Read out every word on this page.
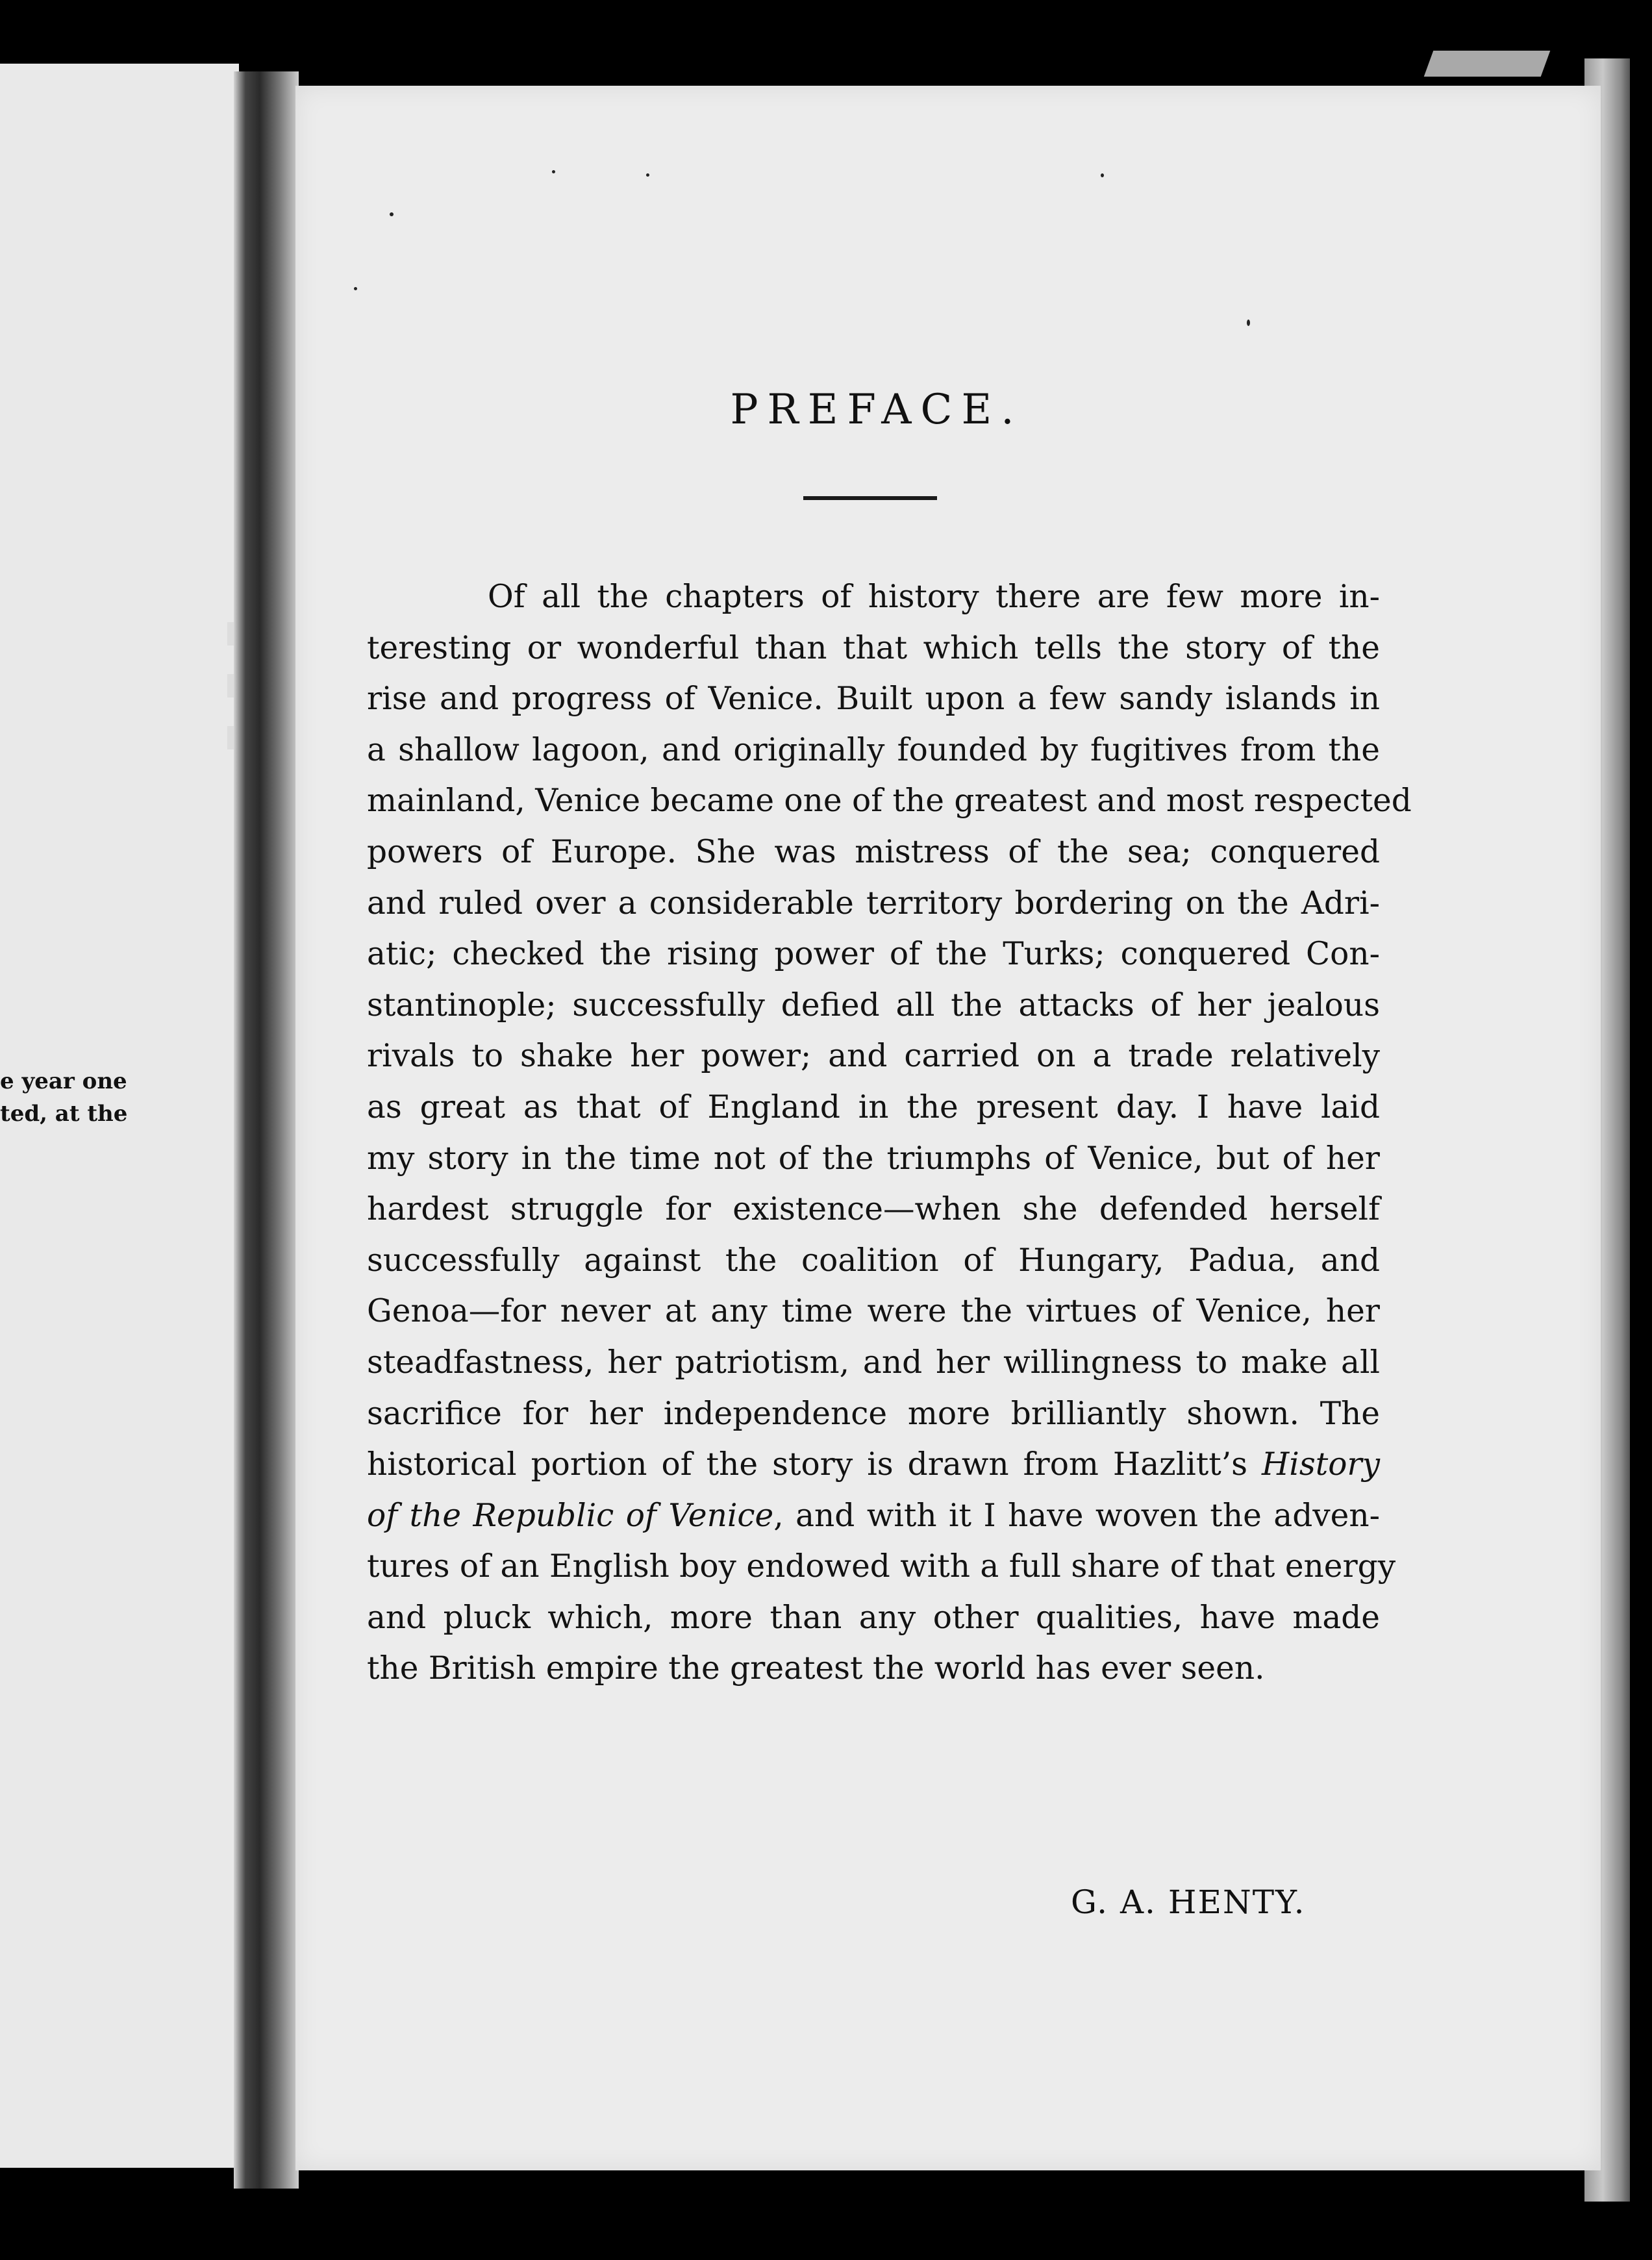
e year one
ted, at the
PREFACE.
Of all the chapters of history there are few more in-
teresting or wonderful than that which tells the story of the
rise and progress of Venice. Built upon a few sandy islands in
a shallow lagoon, and originally founded by fugitives from the
mainland, Venice became one of the greatest and most respected
powers of Europe. She was mistress of the sea; conquered
and ruled over a considerable territory bordering on the Adri-
atic; checked the rising power of the Turks; conquered Con-
stantinople; successfully defied all the attacks of her jealous
rivals to shake her power; and carried on a trade relatively
as great as that of England in the present day. I have laid
my story in the time not of the triumphs of Venice, but of her
hardest struggle for existence—when she defended herself
successfully against the coalition of Hungary, Padua, and
Genoa—for never at any time were the virtues of Venice, her
steadfastness, her patriotism, and her willingness to make all
sacrifice for her independence more brilliantly shown. The
historical portion of the story is drawn from Hazlitt’s History
of the Republic of Venice, and with it I have woven the adven-
tures of an English boy endowed with a full share of that energy
and pluck which, more than any other qualities, have made
the British empire the greatest the world has ever seen.
G. A. HENTY.
